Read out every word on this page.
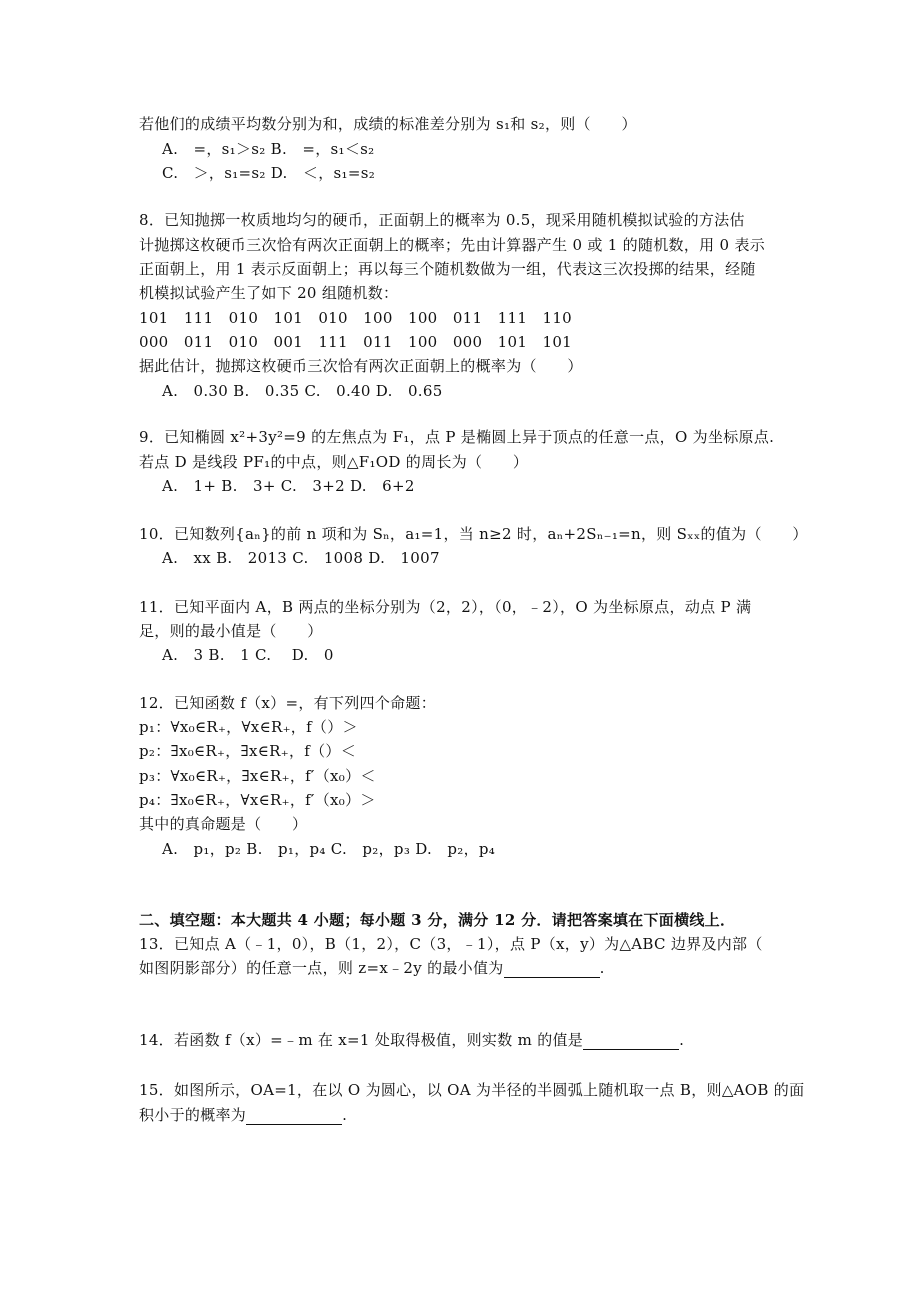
若他们的成绩平均数分别为和，成绩的标准差分别为 s₁和 s₂，则（　　）
A.　=，s₁＞s₂ B.　=，s₁＜s₂
C.　＞，s₁=s₂ D.　＜，s₁=s₂
8．已知抛掷一枚质地均匀的硬币，正面朝上的概率为 0.5，现采用随机模拟试验的方法估
计抛掷这枚硬币三次恰有两次正面朝上的概率；先由计算器产生 0 或 1 的随机数，用 0 表示
正面朝上，用 1 表示反面朝上；再以每三个随机数做为一组，代表这三次投掷的结果，经随
机模拟试验产生了如下 20 组随机数：
101　111　010　101　010　100　100　011　111　110
000　011　010　001　111　011　100　000　101　101
据此估计，抛掷这枚硬币三次恰有两次正面朝上的概率为（　　）
A.　0.30 B.　0.35 C.　0.40 D.　0.65
9．已知椭圆 x²+3y²=9 的左焦点为 F₁，点 P 是椭圆上异于顶点的任意一点，O 为坐标原点.
若点 D 是线段 PF₁的中点，则△F₁OD 的周长为（　　）
A.　1+ B.　3+ C.　3+2 D.　6+2
10．已知数列{aₙ}的前 n 项和为 Sₙ，a₁=1，当 n≥2 时，aₙ+2Sₙ₋₁=n，则 Sₓₓ的值为（　　）
A.　xx B.　2013 C.　1008 D.　1007
11．已知平面内 A，B 两点的坐标分别为（2，2），（0，﹣2），O 为坐标原点，动点 P 满
足，则的最小值是（　　）
A.　3 B.　1 C.　 D.　0
12．已知函数 f（x）=，有下列四个命题：
p₁：∀x₀∈R₊，∀x∈R₊，f（）＞
p₂：∃x₀∈R₊，∃x∈R₊，f（）＜
p₃：∀x₀∈R₊，∃x∈R₊，f′（x₀）＜
p₄：∃x₀∈R₊，∀x∈R₊，f′（x₀）＞
其中的真命题是（　　）
A.　p₁，p₂ B.　p₁，p₄ C.　p₂，p₃ D.　p₂，p₄
二、填空题：本大题共 4 小题；每小题 3 分，满分 12 分．请把答案填在下面横线上．
13．已知点 A（﹣1，0），B（1，2），C（3，﹣1），点 P（x，y）为△ABC 边界及内部（
如图阴影部分）的任意一点，则 z=x﹣2y 的最小值为	.
14．若函数 f（x）=﹣m 在 x=1 处取得极值，则实数 m 的值是	.
15．如图所示，OA=1，在以 O 为圆心，以 OA 为半径的半圆弧上随机取一点 B，则△AOB 的面
积小于的概率为	.
